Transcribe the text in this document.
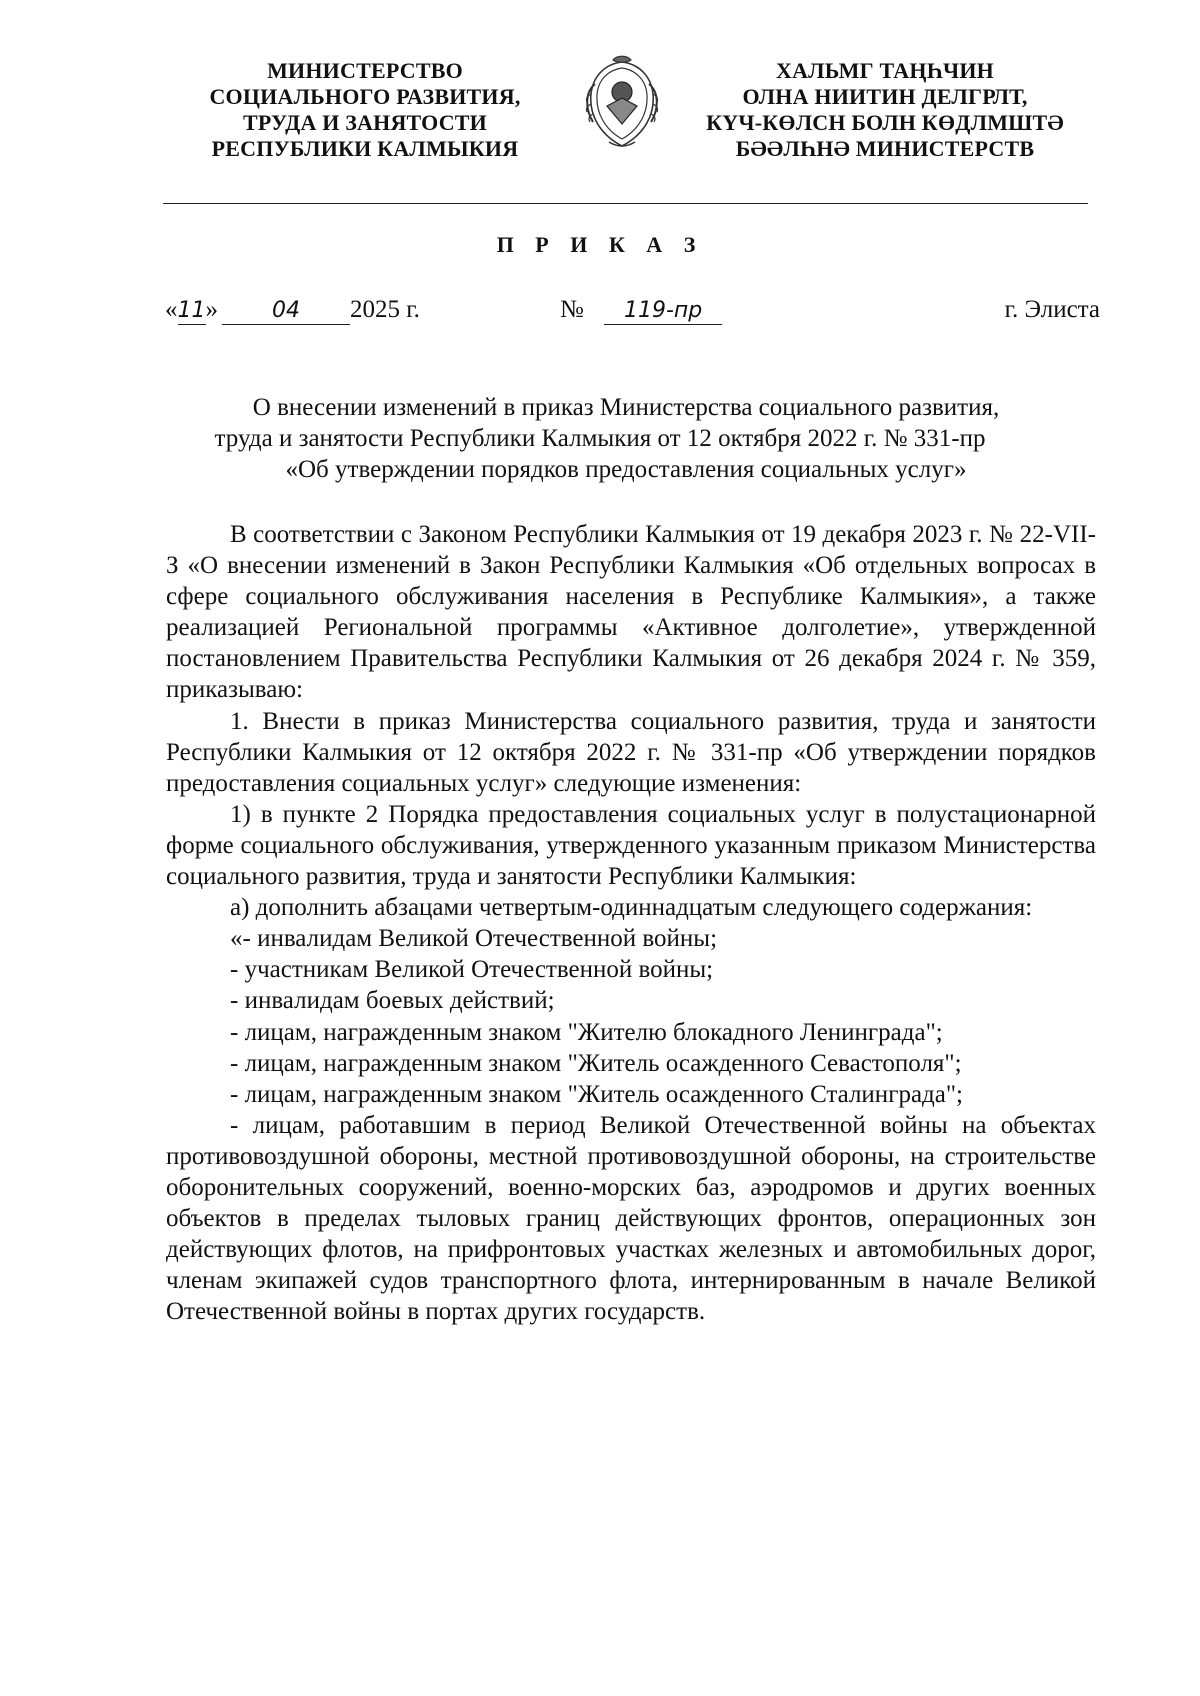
МИНИСТЕРСТВО
СОЦИАЛЬНОГО РАЗВИТИЯ,
ТРУДА И ЗАНЯТОСТИ
РЕСПУБЛИКИ КАЛМЫКИЯ
ХАЛЬМГ ТАҢҺЧИН
ОЛНА НИИТИН ДЕЛГРЛТ,
КҮЧ-КӨЛСН БОЛН КӨДЛМШТӘ
БӘӘЛҺНӘ МИНИСТЕРСТВ
П Р И К А З
«11» 04 2025 г.	№ 119-пр	г. Элиста
О внесении изменений в приказ Министерства социального развития,
труда и занятости Республики Калмыкия от 12 октября 2022 г. № 331-пр
«Об утверждении порядков предоставления социальных услуг»

В соответствии с Законом Республики Калмыкия от 19 декабря 2023 г. № 22-VII-З «О внесении изменений в Закон Республики Калмыкия «Об отдельных вопросах в сфере социального обслуживания населения в Республике Калмыкия», а также реализацией Региональной программы «Активное долголетие», утвержденной постановлением Правительства Республики Калмыкия от 26 декабря 2024 г. № 359, приказываю:

1. Внести в приказ Министерства социального развития, труда и занятости Республики Калмыкия от 12 октября 2022 г. № 331-пр «Об утверждении порядков предоставления социальных услуг» следующие изменения:

1) в пункте 2 Порядка предоставления социальных услуг в полустационарной форме социального обслуживания, утвержденного указанным приказом Министерства социального развития, труда и занятости Республики Калмыкия:

а) дополнить абзацами четвертым-одиннадцатым следующего содержания:

«- инвалидам Великой Отечественной войны;

- участникам Великой Отечественной войны;

- инвалидам боевых действий;

- лицам, награжденным знаком "Жителю блокадного Ленинграда";

- лицам, награжденным знаком "Житель осажденного Севастополя";

- лицам, награжденным знаком "Житель осажденного Сталинграда";

- лицам, работавшим в период Великой Отечественной войны на объектах противовоздушной обороны, местной противовоздушной обороны, на строительстве оборонительных сооружений, военно-морских баз, аэродромов и других военных объектов в пределах тыловых границ действующих фронтов, операционных зон действующих флотов, на прифронтовых участках железных и автомобильных дорог, членам экипажей судов транспортного флота, интернированным в начале Великой Отечественной войны в портах других государств.
